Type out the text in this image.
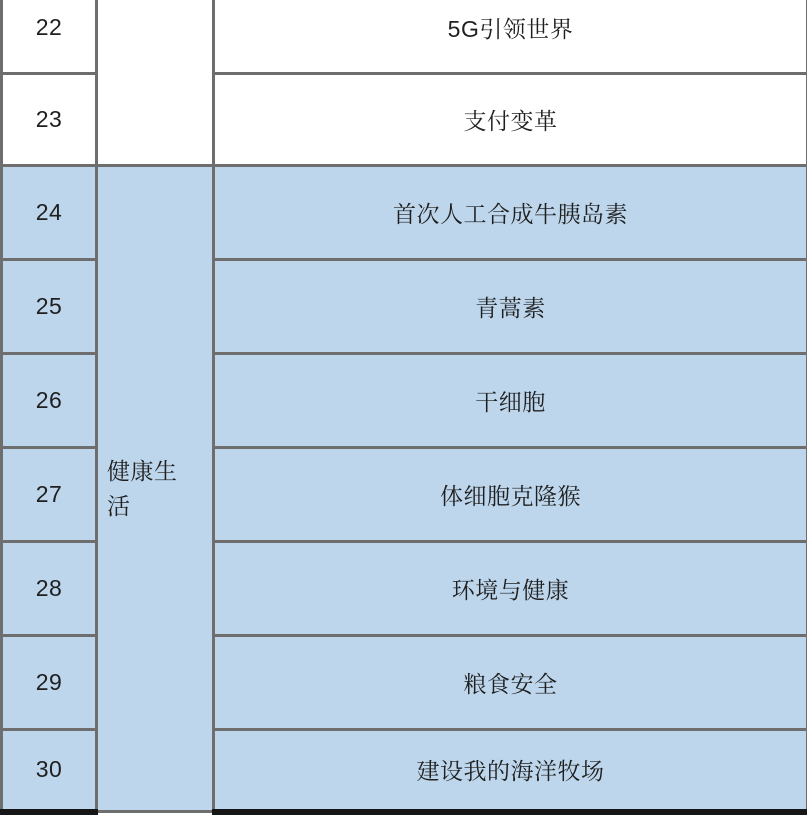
22		5G引领世界
23		支付变革
24	健康生活	首次人工合成牛胰岛素
25		青蒿素
26		干细胞
27		体细胞克隆猴
28		环境与健康
29		粮食安全
30		建设我的海洋牧场
